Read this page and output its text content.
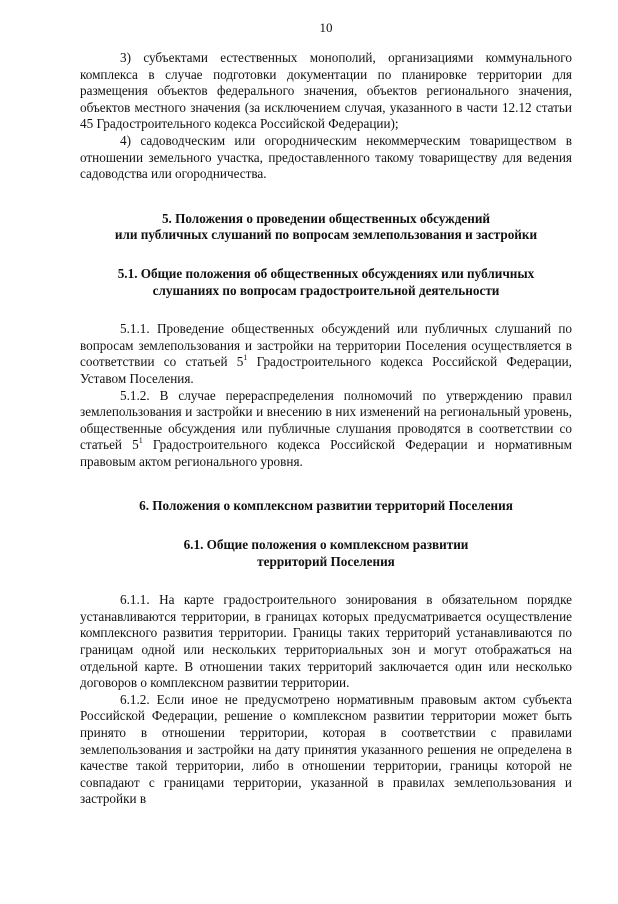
10

3) субъектами естественных монополий, организациями коммунального комплекса в случае подготовки документации по планировке территории для размещения объектов федерального значения, объектов регионального значения, объектов местного значения (за исключением случая, указанного в части 12.12 статьи 45 Градостроительного кодекса Российской Федерации);

4) садоводческим или огородническим некоммерческим товариществом в отношении земельного участка, предоставленного такому товариществу для ведения садоводства или огородничества.

5. Положения о проведении общественных обсуждений
или публичных слушаний по вопросам землепользования и застройки
5.1. Общие положения об общественных обсуждениях или публичных
слушаниях по вопросам градостроительной деятельности

5.1.1. Проведение общественных обсуждений или публичных слушаний по вопросам землепользования и застройки на территории Поселения осуществляется в соответствии со статьей $5^1$ Градостроительного кодекса Российской Федерации, Уставом Поселения.

5.1.2. В случае перераспределения полномочий по утверждению правил землепользования и застройки и внесению в них изменений на региональный уровень, общественные обсуждения или публичные слушания проводятся в соответствии со статьей $5^1$ Градостроительного кодекса Российской Федерации и нормативным правовым актом регионального уровня.

6. Положения о комплексном развитии территорий Поселения
6.1. Общие положения о комплексном развитии
территорий Поселения

6.1.1. На карте градостроительного зонирования в обязательном порядке устанавливаются территории, в границах которых предусматривается осуществление комплексного развития территории. Границы таких территорий устанавливаются по границам одной или нескольких территориальных зон и могут отображаться на отдельной карте. В отношении таких территорий заключается один или несколько договоров о комплексном развитии территории.

6.1.2. Если иное не предусмотрено нормативным правовым актом субъекта Российской Федерации, решение о комплексном развитии территории может быть принято в отношении территории, которая в соответствии с правилами землепользования и застройки на дату принятия указанного решения не определена в качестве такой территории, либо в отношении территории, границы которой не совпадают с границами территории, указанной в правилах землепользования и застройки в
